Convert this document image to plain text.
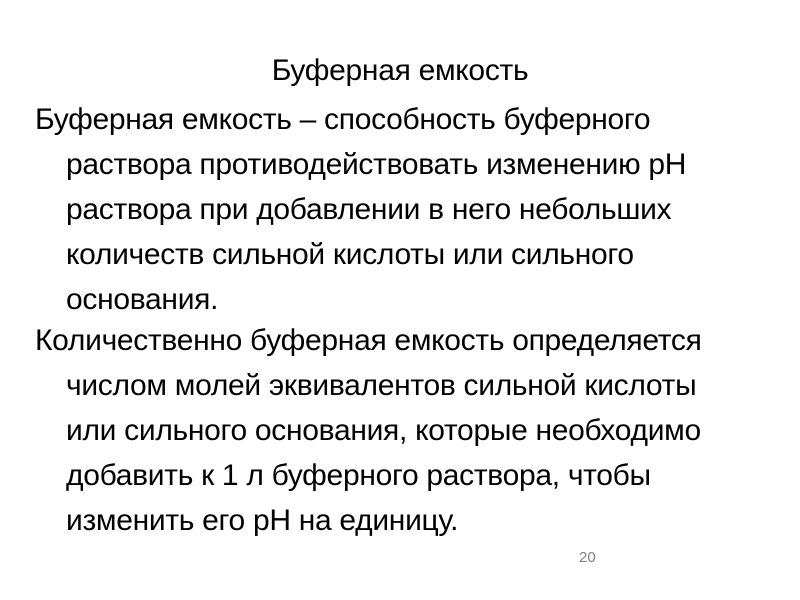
Буферная емкость
Буферная емкость – способность буферного
раствора противодействовать изменению рН
раствора при добавлении в него небольших
количеств сильной кислоты или сильного
основания.
Количественно буферная емкость определяется
числом молей эквивалентов сильной кислоты
или сильного основания, которые необходимо
добавить к 1 л буферного раствора, чтобы
изменить его рН на единицу.
20
